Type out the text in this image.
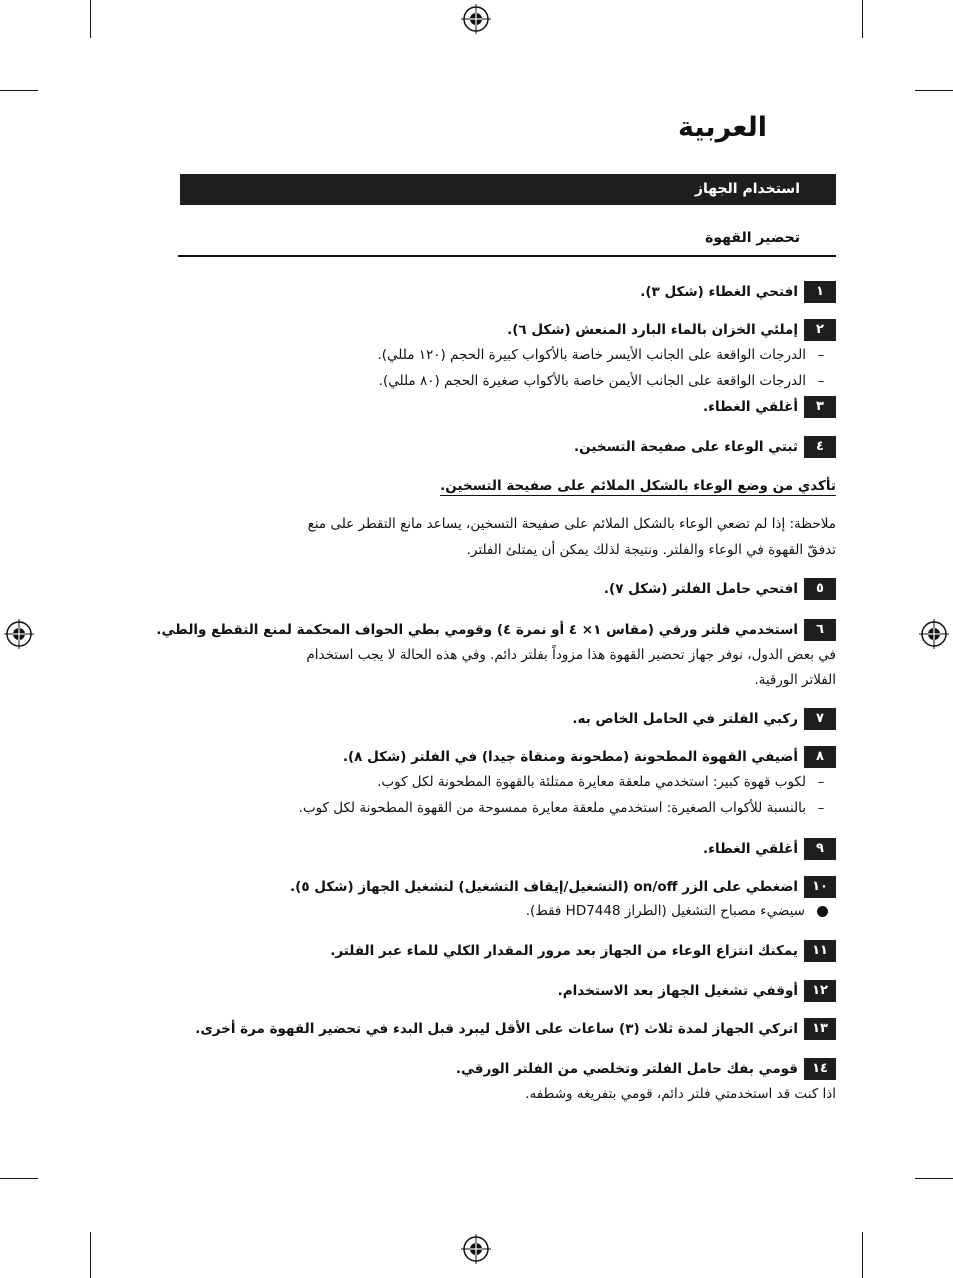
العربية
استخدام الجهاز
تحضير القهوة
١
افتحي الغطاء (شكل ٣).
٢
إملئي الخزان بالماء البارد المنعش (شكل ٦).
–
الدرجات الواقعة على الجانب الأيسر خاصة بالأكواب كبيرة الحجم (١٢٠ مللي).
–
الدرجات الواقعة على الجانب الأيمن خاصة بالأكواب صغيرة الحجم (٨٠ مللي).
٣
أغلقي الغطاء.
٤
ثبتي الوعاء على صفيحة التسخين.
تأكدي من وضع الوعاء بالشكل الملائم على صفيحة التسخين.
ملاحظة: إذا لم تضعي الوعاء بالشكل الملائم على صفيحة التسخين، يساعد مانع التقطر على منع
تدفقّ القهوة في الوعاء والفلتر. ونتيجة لذلك يمكن أن يمتلئ الفلتر.
٥
افتحي حامل الفلتر (شكل ٧).
٦
استخدمي فلتر ورقي (مقاس ١× ٤ أو نمرة ٤) وقومي بطي الحواف المحكمة لمنع التقطع والطي.
في بعض الدول، نوفر جهاز تحضير القهوة هذا مزوداً بفلتر دائم. وفي هذه الحالة لا يجب استخدام
الفلاتر الورقية.
٧
ركبي الفلتر في الحامل الخاص به.
٨
أضيفي القهوة المطحونة (مطحونة ومنقاة جيدا) في الفلتر (شكل ٨).
–
لكوب قهوة كبير: استخدمي ملعقة معايرة ممتلئة بالقهوة المطحونة لكل كوب.
–
بالنسبة للأكواب الصغيرة: استخدمي ملعقة معايرة ممسوحة من القهوة المطحونة لكل كوب.
٩
أغلقي الغطاء.
١٠
اضغطي على الزر on/off (التشغيل/إيقاف التشغيل) لتشغيل الجهاز (شكل ٥).
سيضيء مصباح التشغيل (الطراز HD7448 فقط).
١١
يمكنك انتزاع الوعاء من الجهاز بعد مرور المقدار الكلي للماء عبر الفلتر.
١٢
أوقفي تشغيل الجهاز بعد الاستخدام.
١٣
اتركي الجهاز لمدة ثلاث (٣) ساعات على الأقل ليبرد قبل البدء في تحضير القهوة مرة أخرى.
١٤
قومي بفك حامل الفلتر وتخلصي من الفلتر الورقي.
اذا كنت قد استخدمتي فلتر دائم، قومي بتفريغه وشطفه.
